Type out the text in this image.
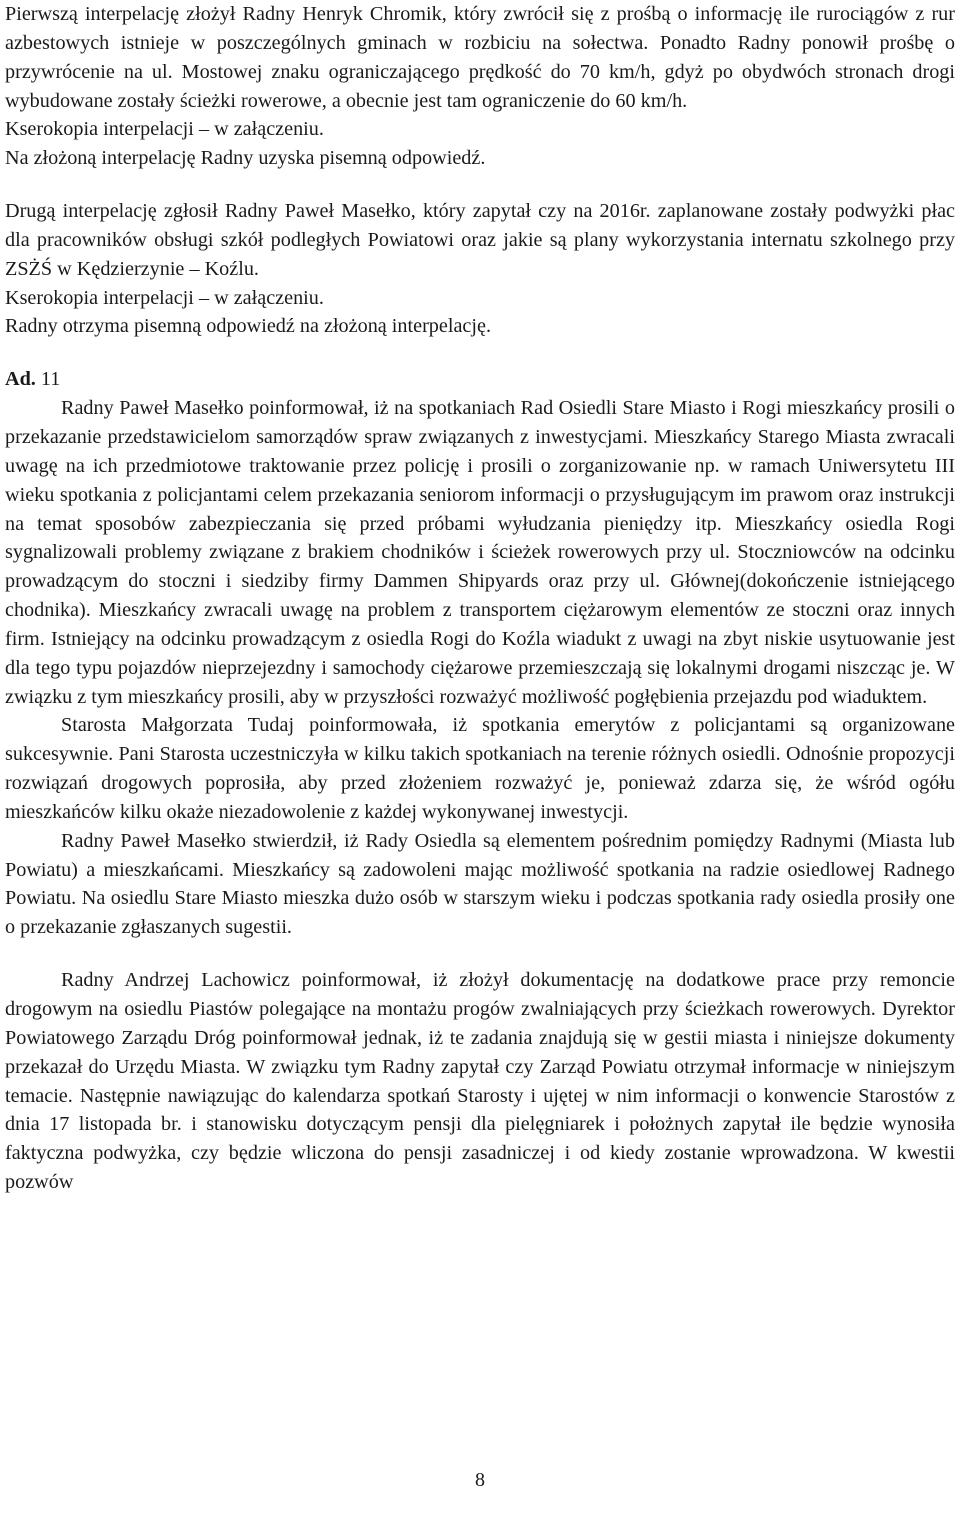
Pierwszą interpelację złożył Radny Henryk Chromik, który zwrócił się z prośbą o informację ile rurociągów z rur azbestowych istnieje w poszczególnych gminach w rozbiciu na sołectwa. Ponadto Radny ponowił prośbę o przywrócenie na ul. Mostowej znaku ograniczającego prędkość do 70 km/h, gdyż po obydwóch stronach drogi wybudowane zostały ścieżki rowerowe, a obecnie jest tam ograniczenie do 60 km/h.

Kserokopia interpelacji – w załączeniu.

Na złożoną interpelację Radny uzyska pisemną odpowiedź.

Drugą interpelację zgłosił Radny Paweł Masełko, który zapytał czy na 2016r. zaplanowane zostały podwyżki płac dla pracowników obsługi szkół podległych Powiatowi oraz jakie są plany wykorzystania internatu szkolnego przy ZSŻŚ w Kędzierzynie – Koźlu.

Kserokopia interpelacji – w załączeniu.

Radny otrzyma pisemną odpowiedź na złożoną interpelację.

Ad. 11

Radny Paweł Masełko poinformował, iż na spotkaniach Rad Osiedli Stare Miasto i Rogi mieszkańcy prosili o przekazanie przedstawicielom samorządów spraw związanych z inwestycjami. Mieszkańcy Starego Miasta zwracali uwagę na ich przedmiotowe traktowanie przez policję i prosili o zorganizowanie np. w ramach Uniwersytetu III wieku spotkania z policjantami celem przekazania seniorom informacji o przysługującym im prawom oraz instrukcji na temat sposobów zabezpieczania się przed próbami wyłudzania pieniędzy itp. Mieszkańcy osiedla Rogi sygnalizowali problemy związane z brakiem chodników i ścieżek rowerowych przy ul. Stoczniowców na odcinku prowadzącym do stoczni i siedziby firmy Dammen Shipyards oraz przy ul. Głównej(dokończenie istniejącego chodnika). Mieszkańcy zwracali uwagę na problem z transportem ciężarowym elementów ze stoczni oraz innych firm. Istniejący na odcinku prowadzącym z osiedla Rogi do Koźla wiadukt z uwagi na zbyt niskie usytuowanie jest dla tego typu pojazdów nieprzejezdny i samochody ciężarowe przemieszczają się lokalnymi drogami niszcząc je. W związku z tym mieszkańcy prosili, aby w przyszłości rozważyć możliwość pogłębienia przejazdu pod wiaduktem.

Starosta Małgorzata Tudaj poinformowała, iż spotkania emerytów z policjantami są organizowane sukcesywnie. Pani Starosta uczestniczyła w kilku takich spotkaniach na terenie różnych osiedli. Odnośnie propozycji rozwiązań drogowych poprosiła, aby przed złożeniem rozważyć je, ponieważ zdarza się, że wśród ogółu mieszkańców kilku okaże niezadowolenie z każdej wykonywanej inwestycji.

Radny Paweł Masełko stwierdził, iż Rady Osiedla są elementem pośrednim pomiędzy Radnymi (Miasta lub Powiatu) a mieszkańcami. Mieszkańcy są zadowoleni mając możliwość spotkania na radzie osiedlowej Radnego Powiatu. Na osiedlu Stare Miasto mieszka dużo osób w starszym wieku i podczas spotkania rady osiedla prosiły one o przekazanie zgłaszanych sugestii.

Radny Andrzej Lachowicz poinformował, iż złożył dokumentację na dodatkowe prace przy remoncie drogowym na osiedlu Piastów polegające na montażu progów zwalniających przy ścieżkach rowerowych. Dyrektor Powiatowego Zarządu Dróg poinformował jednak, iż te zadania znajdują się w gestii miasta i niniejsze dokumenty przekazał do Urzędu Miasta. W związku tym Radny zapytał czy Zarząd Powiatu otrzymał informacje w niniejszym temacie. Następnie nawiązując do kalendarza spotkań Starosty i ujętej w nim informacji o konwencie Starostów z dnia 17 listopada br. i stanowisku dotyczącym pensji dla pielęgniarek i położnych zapytał ile będzie wynosiła faktyczna podwyżka, czy będzie wliczona do pensji zasadniczej i od kiedy zostanie wprowadzona. W kwestii pozwów

8
